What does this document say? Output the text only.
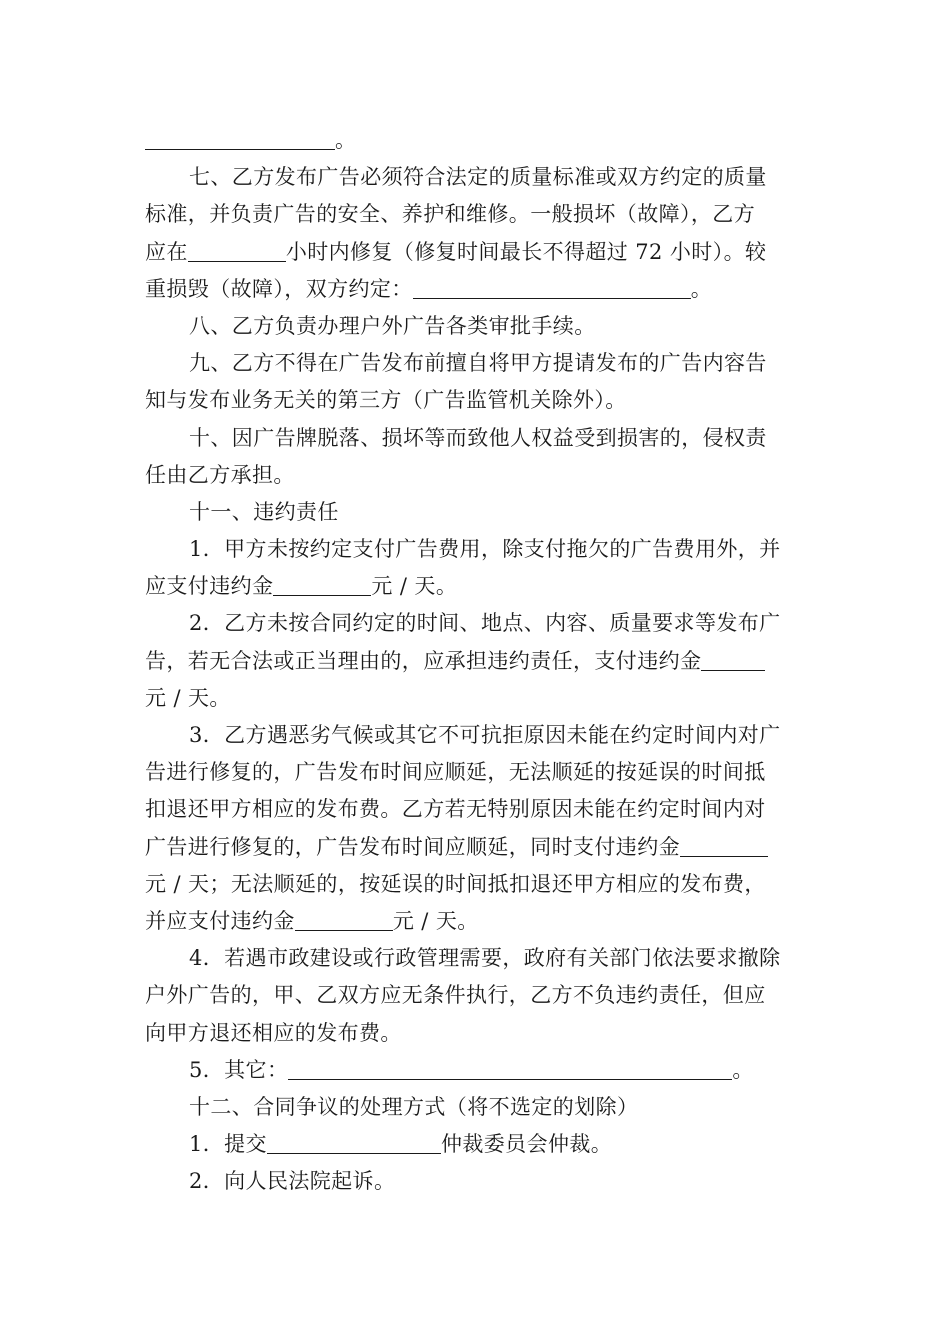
。
七、乙方发布广告必须符合法定的质量标准或双方约定的质量
标准，并负责广告的安全、养护和维修。一般损坏（故障），乙方
应在	小时内修复（修复时间最长不得超过 72 小时）。较
重损毁（故障），双方约定：	。
八、乙方负责办理户外广告各类审批手续。
九、乙方不得在广告发布前擅自将甲方提请发布的广告内容告
知与发布业务无关的第三方（广告监管机关除外）。
十、因广告牌脱落、损坏等而致他人权益受到损害的，侵权责
任由乙方承担。
十一、违约责任
1．甲方未按约定支付广告费用，除支付拖欠的广告费用外，并
应支付违约金	元 / 天。
2．乙方未按合同约定的时间、地点、内容、质量要求等发布广
告，若无合法或正当理由的，应承担违约责任，支付违约金
元 / 天。
3．乙方遇恶劣气候或其它不可抗拒原因未能在约定时间内对广
告进行修复的，广告发布时间应顺延，无法顺延的按延误的时间抵
扣退还甲方相应的发布费。乙方若无特别原因未能在约定时间内对
广告进行修复的，广告发布时间应顺延，同时支付违约金
元 / 天；无法顺延的，按延误的时间抵扣退还甲方相应的发布费，
并应支付违约金	元 / 天。
4．若遇市政建设或行政管理需要，政府有关部门依法要求撤除
户外广告的，甲、乙双方应无条件执行，乙方不负违约责任，但应
向甲方退还相应的发布费。
5．其它：	。
十二、合同争议的处理方式（将不选定的划除）
1．提交	仲裁委员会仲裁。
2．向人民法院起诉。
